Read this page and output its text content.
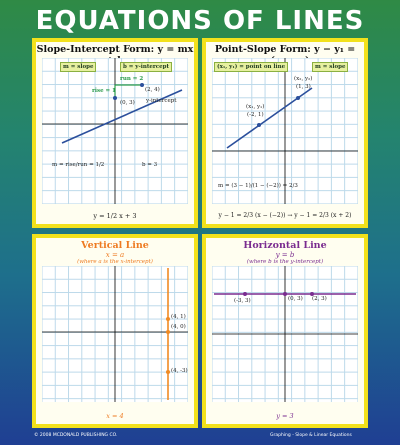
EQUATIONS OF LINES
Slope-Intercept Form: y = mx
m = slope	b = y-intercept
run = 2
rise = 1	(2, 4)
(0, 3) y-intercept
m = rise/run = 1/2	b = 3
y = 1/2 x + 3
Point-Slope Form: y − y₁ =
(x₁, y₁) = point on line	m = slope
(x₂, y₂)
(1, 3)
(x₁, y₁)
(-2, 1)
m = (3 − 1)/(1 − (−2)) = 2/3
y − 1 = 2/3 (x − (−2)) → y − 1 = 2/3 (x + 2)
Vertical Line
x = a
(where a is the x-intercept)
(4, 1)
(4, 0)
(4, -3)
x = 4
Horizontal Line
y = b
(where b is the y-intercept)
(-3, 3)	(0, 3) (2, 3)
y = 3
© 2008 MCDONALD PUBLISHING CO.	Graphing - Slope & Linear Equations
